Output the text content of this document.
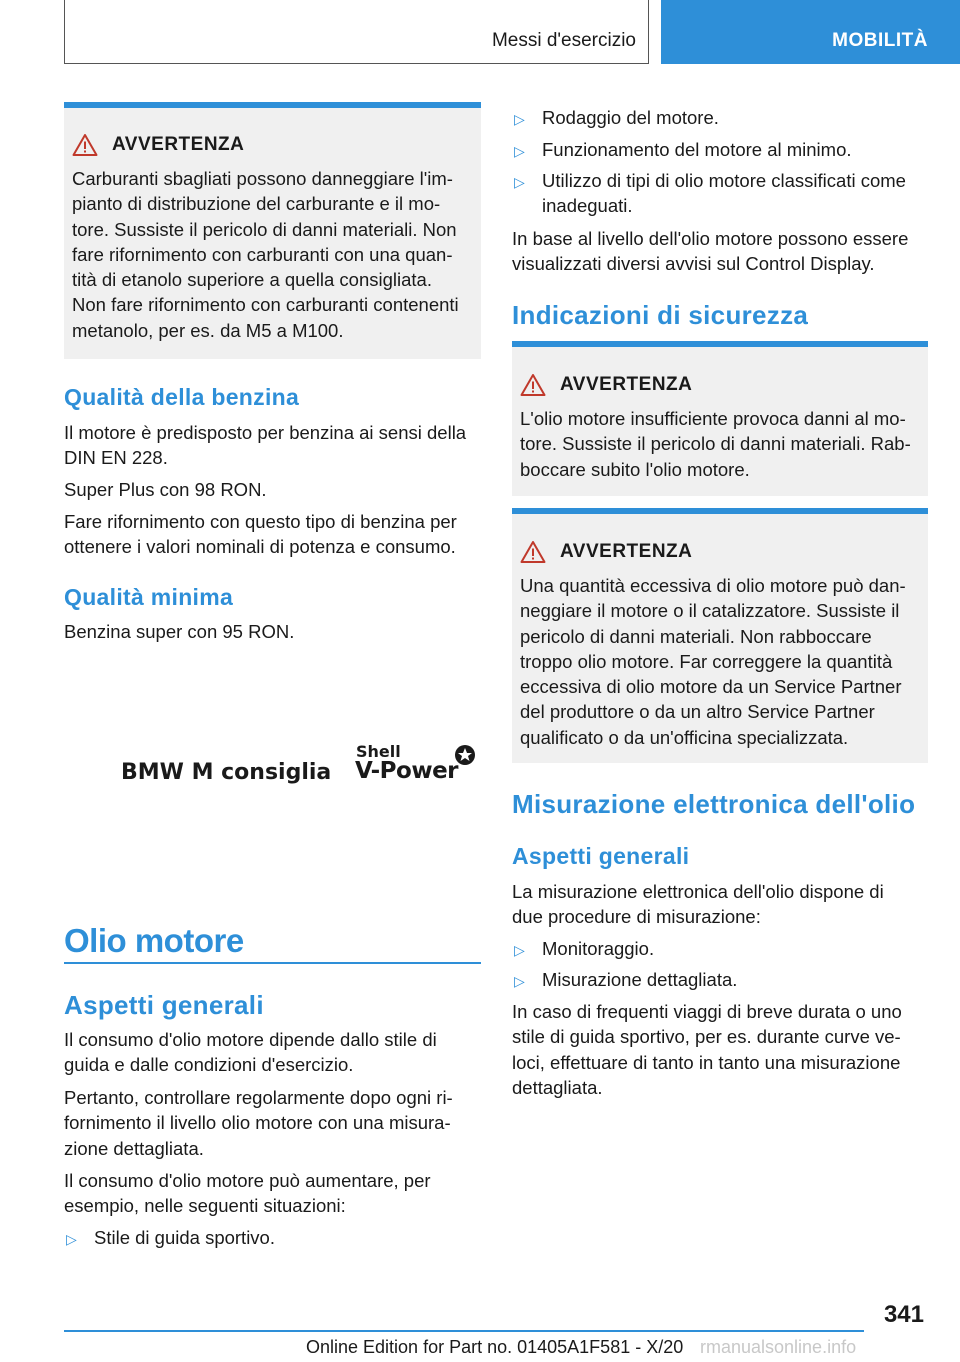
Messi d'esercizio	MOBILITÀ
AVVERTENZA
Carburanti sbagliati possono danneggiare l'im-
pianto di distribuzione del carburante e il mo-
tore. Sussiste il pericolo di danni materiali. Non
fare rifornimento con carburanti con una quan-
tità di etanolo superiore a quella consigliata.
Non fare rifornimento con carburanti contenenti
metanolo, per es. da M5 a M100.
Qualità della benzina
Il motore è predisposto per benzina ai sensi della
DIN EN 228.
Super Plus con 98 RON.
Fare rifornimento con questo tipo di benzina per
ottenere i valori nominali di potenza e consumo.
Qualità minima
Benzina super con 95 RON.
BMW M consiglia
Shell
V-Power
Olio motore
Aspetti generali
Il consumo d'olio motore dipende dallo stile di
guida e dalle condizioni d'esercizio.
Pertanto, controllare regolarmente dopo ogni ri-
fornimento il livello olio motore con una misura-
zione dettagliata.
Il consumo d'olio motore può aumentare, per
esempio, nelle seguenti situazioni:
▷ Stile di guida sportivo.
▷ Rodaggio del motore.
▷ Funzionamento del motore al minimo.
▷ Utilizzo di tipi di olio motore classificati come
inadeguati.
In base al livello dell'olio motore possono essere
visualizzati diversi avvisi sul Control Display.
Indicazioni di sicurezza
AVVERTENZA
L'olio motore insufficiente provoca danni al mo-
tore. Sussiste il pericolo di danni materiali. Rab-
boccare subito l'olio motore.
AVVERTENZA
Una quantità eccessiva di olio motore può dan-
neggiare il motore o il catalizzatore. Sussiste il
pericolo di danni materiali. Non rabboccare
troppo olio motore. Far correggere la quantità
eccessiva di olio motore da un Service Partner
del produttore o da un altro Service Partner
qualificato o da un'officina specializzata.
Misurazione elettronica dell'olio
Aspetti generali
La misurazione elettronica dell'olio dispone di
due procedure di misurazione:
▷ Monitoraggio.
▷ Misurazione dettagliata.
In caso di frequenti viaggi di breve durata o uno
stile di guida sportivo, per es. durante curve ve-
loci, effettuare di tanto in tanto una misurazione
dettagliata.
341
Online Edition for Part no. 01405A1F581 - X/20 rmanualsonline.info
